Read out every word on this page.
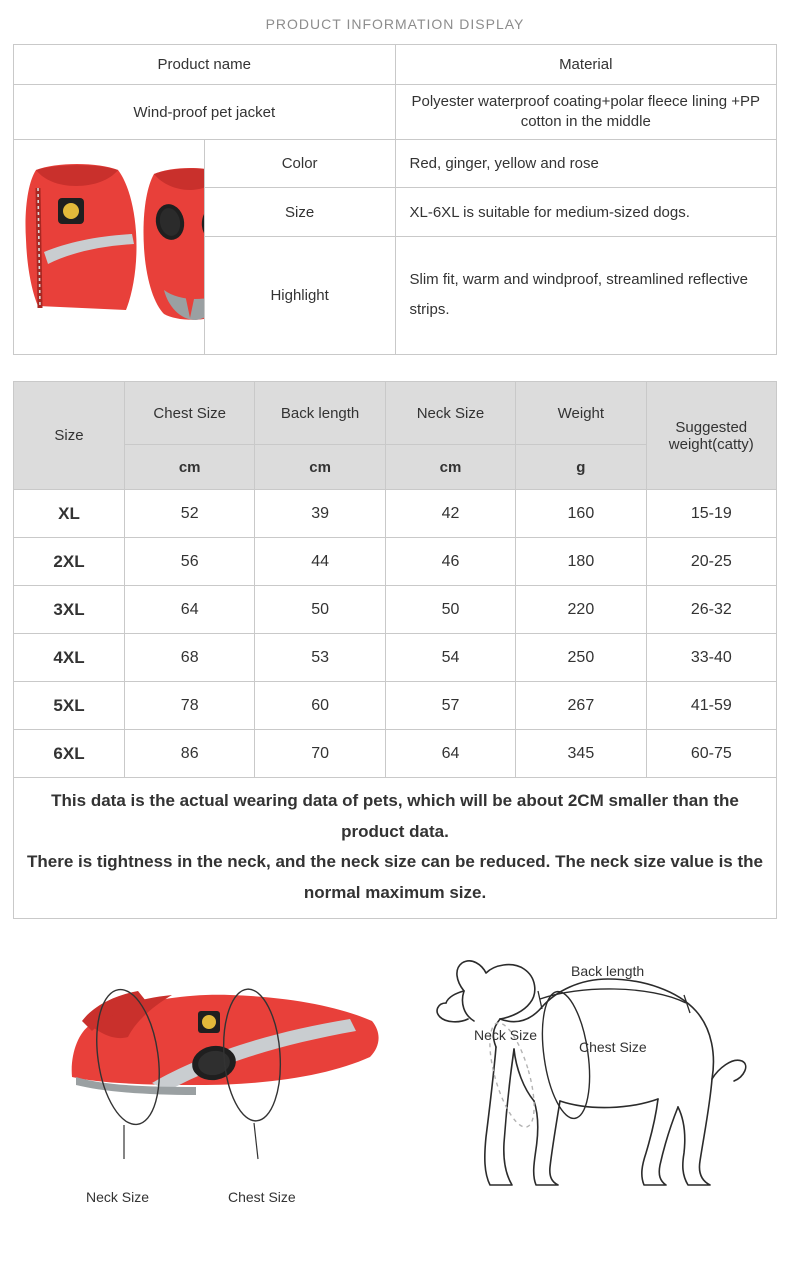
PRODUCT INFORMATION DISPLAY
Product name		Material
Wind-proof pet jacket		Polyester waterproof coating+polar fleece lining +PP cotton in the middle

	Color	Red, ginger, yellow and rose
	Size	XL-6XL is suitable for medium-sized dogs.
	Highlight	Slim fit, warm and windproof, streamlined reflective strips.
Size	Chest Size	Back length	Neck Size	Weight	Suggested weight(catty)
	cm	cm	cm	g	
XL	52	39	42	160	15-19
2XL	56	44	46	180	20-25
3XL	64	50	50	220	26-32
4XL	68	53	54	250	33-40
5XL	78	60	57	267	41-59
6XL	86	70	64	345	60-75

This data is the actual wearing data of pets, which will be about 2CM smaller than the product data.
There is tightness in the neck, and the neck size can be reduced. The neck size value is the normal maximum size.					
Neck Size	Chest Size
Back length
Neck Size
Chest Size
